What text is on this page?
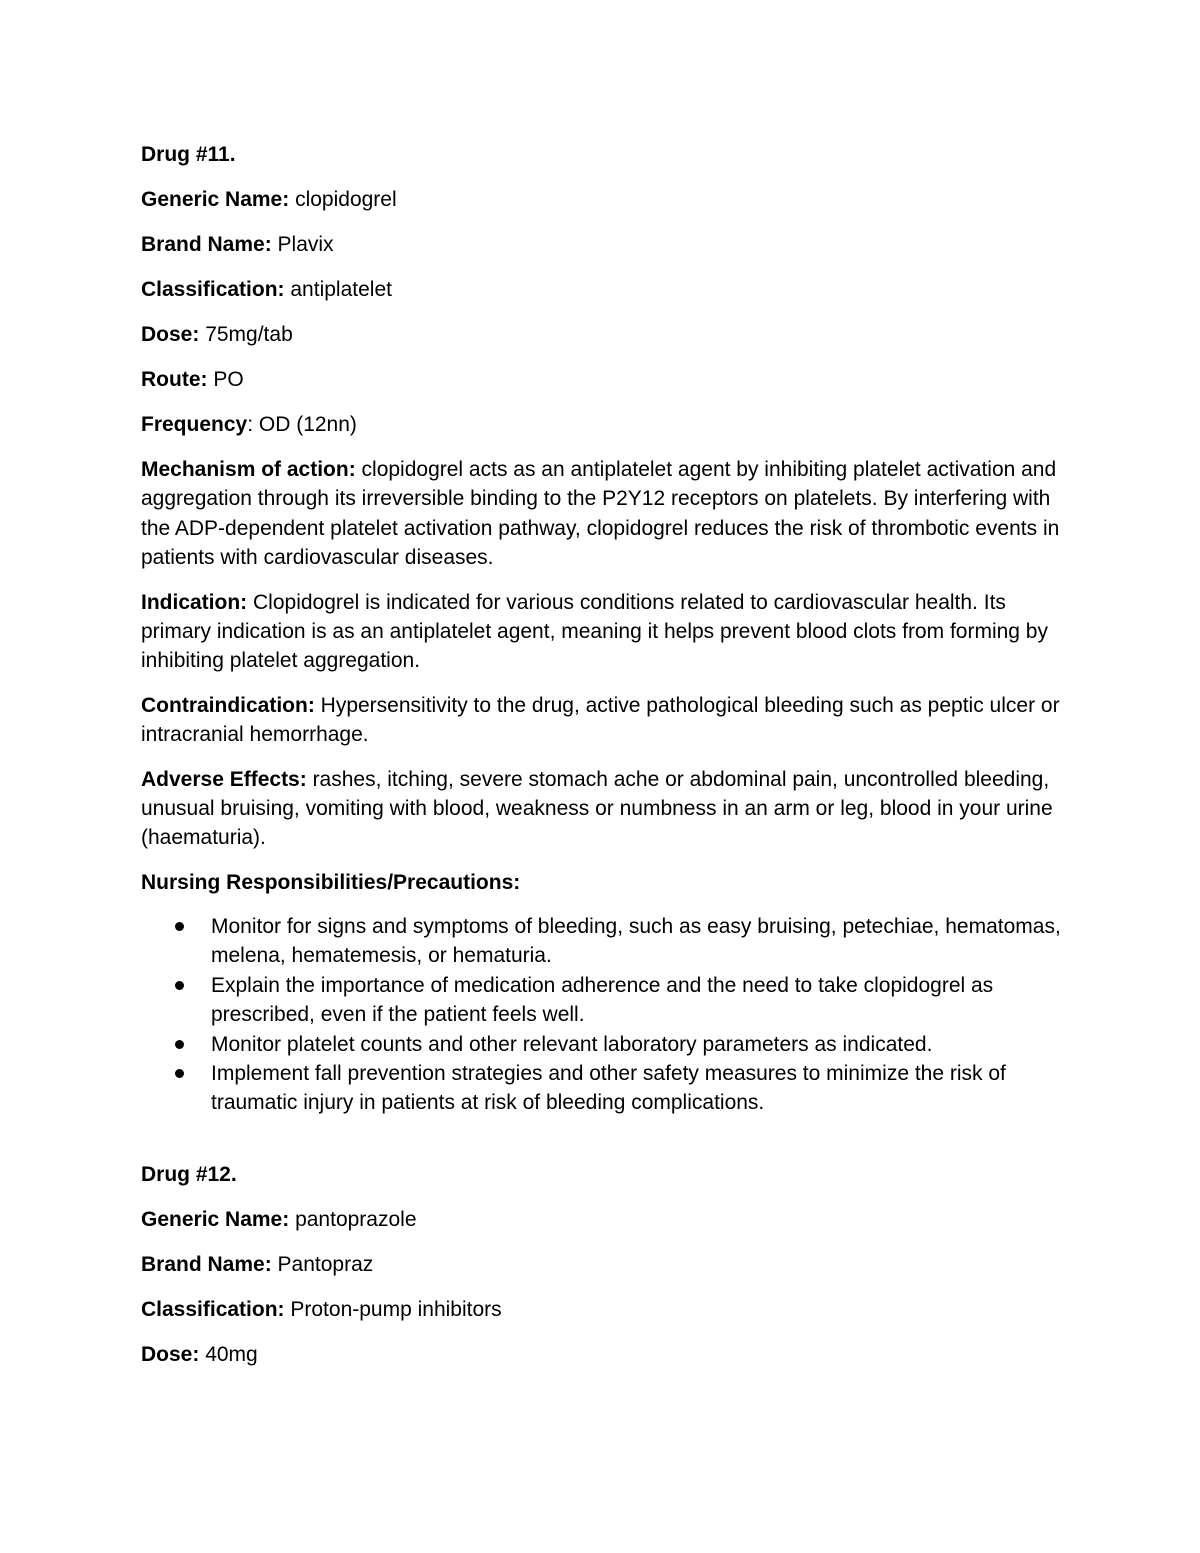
Drug #11.

Generic Name: clopidogrel

Brand Name: Plavix

Classification: antiplatelet

Dose: 75mg/tab

Route: PO

Frequency: OD (12nn)

Mechanism of action: clopidogrel acts as an antiplatelet agent by inhibiting platelet activation and aggregation through its irreversible binding to the P2Y12 receptors on platelets. By interfering with the ADP-dependent platelet activation pathway, clopidogrel reduces the risk of thrombotic events in patients with cardiovascular diseases.

Indication: Clopidogrel is indicated for various conditions related to cardiovascular health. Its primary indication is as an antiplatelet agent, meaning it helps prevent blood clots from forming by inhibiting platelet aggregation.

Contraindication: Hypersensitivity to the drug, active pathological bleeding such as peptic ulcer or intracranial hemorrhage.

Adverse Effects: rashes, itching, severe stomach ache or abdominal pain, uncontrolled bleeding, unusual bruising, vomiting with blood, weakness or numbness in an arm or leg, blood in your urine (haematuria).

Nursing Responsibilities/Precautions:
Monitor for signs and symptoms of bleeding, such as easy bruising, petechiae, hematomas, melena, hematemesis, or hematuria.
Explain the importance of medication adherence and the need to take clopidogrel as prescribed, even if the patient feels well.
Monitor platelet counts and other relevant laboratory parameters as indicated.
Implement fall prevention strategies and other safety measures to minimize the risk of traumatic injury in patients at risk of bleeding complications.
Drug #12.

Generic Name: pantoprazole

Brand Name: Pantopraz

Classification: Proton-pump inhibitors

Dose: 40mg
